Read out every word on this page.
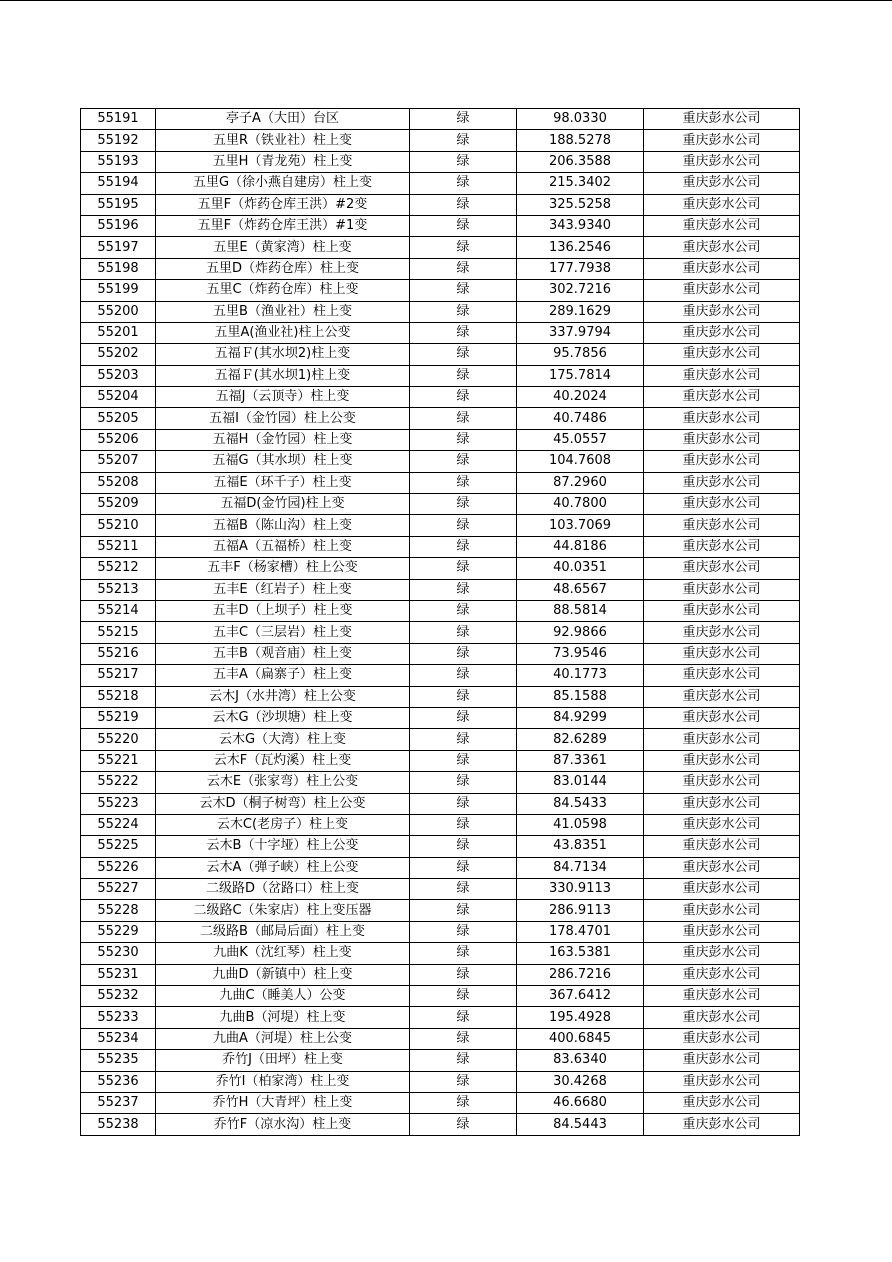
55191	亭子A（大田）台区	绿	98.0330	重庆彭水公司
55192	五里R（铁业社）柱上变	绿	188.5278	重庆彭水公司
55193	五里H（青龙苑）柱上变	绿	206.3588	重庆彭水公司
55194	五里G（徐小燕自建房）柱上变	绿	215.3402	重庆彭水公司
55195	五里F（炸药仓库王洪）#2变	绿	325.5258	重庆彭水公司
55196	五里F（炸药仓库王洪）#1变	绿	343.9340	重庆彭水公司
55197	五里E（黄家湾）柱上变	绿	136.2546	重庆彭水公司
55198	五里D（炸药仓库）柱上变	绿	177.7938	重庆彭水公司
55199	五里C（炸药仓库）柱上变	绿	302.7216	重庆彭水公司
55200	五里B（渔业社）柱上变	绿	289.1629	重庆彭水公司
55201	五里A(渔业社)柱上公变	绿	337.9794	重庆彭水公司
55202	五福Ｆ(其水坝2)柱上变	绿	95.7856	重庆彭水公司
55203	五福Ｆ(其水坝1)柱上变	绿	175.7814	重庆彭水公司
55204	五福J（云顶寺）柱上变	绿	40.2024	重庆彭水公司
55205	五福I（金竹园）柱上公变	绿	40.7486	重庆彭水公司
55206	五福H（金竹园）柱上变	绿	45.0557	重庆彭水公司
55207	五福G（其水坝）柱上变	绿	104.7608	重庆彭水公司
55208	五福E（环千子）柱上变	绿	87.2960	重庆彭水公司
55209	五福D(金竹园)柱上变	绿	40.7800	重庆彭水公司
55210	五福B（陈山沟）柱上变	绿	103.7069	重庆彭水公司
55211	五福A（五福桥）柱上变	绿	44.8186	重庆彭水公司
55212	五丰F（杨家槽）柱上公变	绿	40.0351	重庆彭水公司
55213	五丰E（红岩子）柱上变	绿	48.6567	重庆彭水公司
55214	五丰D（上坝子）柱上变	绿	88.5814	重庆彭水公司
55215	五丰C（三层岩）柱上变	绿	92.9866	重庆彭水公司
55216	五丰B（观音庙）柱上变	绿	73.9546	重庆彭水公司
55217	五丰A（扁寨子）柱上变	绿	40.1773	重庆彭水公司
55218	云木J（水井湾）柱上公变	绿	85.1588	重庆彭水公司
55219	云木G（沙坝塘）柱上变	绿	84.9299	重庆彭水公司
55220	云木G（大湾）柱上变	绿	82.6289	重庆彭水公司
55221	云木F（瓦灼溪）柱上变	绿	87.3361	重庆彭水公司
55222	云木E（张家弯）柱上公变	绿	83.0144	重庆彭水公司
55223	云木D（桐子树弯）柱上公变	绿	84.5433	重庆彭水公司
55224	云木C(老房子）柱上变	绿	41.0598	重庆彭水公司
55225	云木B（十字垭）柱上公变	绿	43.8351	重庆彭水公司
55226	云木A（弹子峡）柱上公变	绿	84.7134	重庆彭水公司
55227	二级路D（岔路口）柱上变	绿	330.9113	重庆彭水公司
55228	二级路C（朱家店）柱上变压器	绿	286.9113	重庆彭水公司
55229	二级路B（邮局后面）柱上变	绿	178.4701	重庆彭水公司
55230	九曲K（沈红琴）柱上变	绿	163.5381	重庆彭水公司
55231	九曲D（新镇中）柱上变	绿	286.7216	重庆彭水公司
55232	九曲C（睡美人）公变	绿	367.6412	重庆彭水公司
55233	九曲B（河堤）柱上变	绿	195.4928	重庆彭水公司
55234	九曲A（河堤）柱上公变	绿	400.6845	重庆彭水公司
55235	乔竹J（田坪）柱上变	绿	83.6340	重庆彭水公司
55236	乔竹I（柏家湾）柱上变	绿	30.4268	重庆彭水公司
55237	乔竹H（大青坪）柱上变	绿	46.6680	重庆彭水公司
55238	乔竹F（凉水沟）柱上变	绿	84.5443	重庆彭水公司
